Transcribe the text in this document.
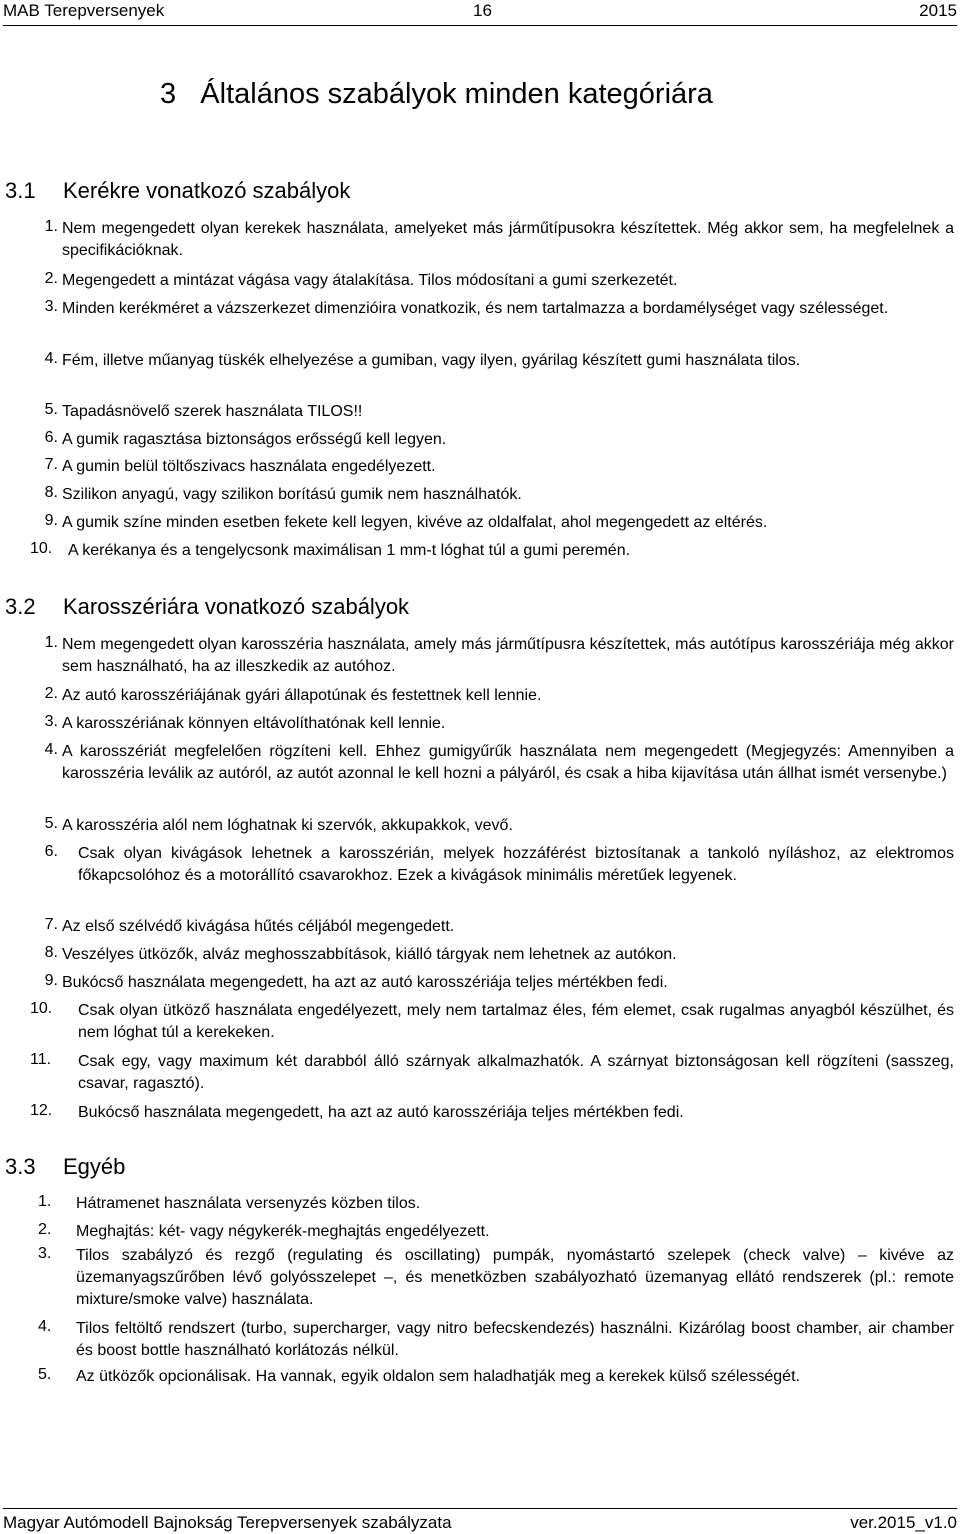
MAB Terepversenyek	16	2015
3   Általános szabályok minden kategóriára
3.1 Kerékre vonatkozó szabályok
1. Nem megengedett olyan kerekek használata, amelyeket más járműtípusokra készítettek. Még akkor sem, ha megfelelnek a specifikációknak.
2. Megengedett a mintázat vágása vagy átalakítása. Tilos módosítani a gumi szerkezetét.
3. Minden kerékméret a vázszerkezet dimenzióira vonatkozik, és nem tartalmazza a bordamélységet vagy szélességet.
4. Fém, illetve műanyag tüskék elhelyezése a gumiban, vagy ilyen, gyárilag készített gumi használata tilos.
5. Tapadásnövelő szerek használata TILOS!!
6. A gumik ragasztása biztonságos erősségű kell legyen.
7. A gumin belül töltőszivacs használata engedélyezett.
8. Szilikon anyagú, vagy szilikon borítású gumik nem használhatók.
9. A gumik színe minden esetben fekete kell legyen, kivéve az oldalfalat, ahol megengedett az eltérés.
10. A kerékanya és a tengelycsonk maximálisan 1 mm-t lóghat túl a gumi peremén.
3.2 Karosszériára vonatkozó szabályok
1. Nem megengedett olyan karosszéria használata, amely más járműtípusra készítettek, más autótípus karosszériája még akkor sem használható, ha az illeszkedik az autóhoz.
2. Az autó karosszériájának gyári állapotúnak és festettnek kell lennie.
3. A karosszériának könnyen eltávolíthatónak kell lennie.
4. A karosszériát megfelelően rögzíteni kell. Ehhez gumigyűrűk használata nem megengedett (Megjegyzés: Amennyiben a karosszéria leválik az autóról, az autót azonnal le kell hozni a pályáról, és csak a hiba kijavítása után állhat ismét versenybe.)
5. A karosszéria alól nem lóghatnak ki szervók, akkupakkok, vevő.
6. Csak olyan kivágások lehetnek a karosszérián, melyek hozzáférést biztosítanak a tankoló nyíláshoz, az elektromos főkapcsolóhoz és a motorállító csavarokhoz. Ezek a kivágások minimális méretűek legyenek.
7. Az első szélvédő kivágása hűtés céljából megengedett.
8. Veszélyes ütközők, alváz meghosszabbítások, kiálló tárgyak nem lehetnek az autókon.
9. Bukócső használata megengedett, ha azt az autó karosszériája teljes mértékben fedi.
10.	Csak olyan ütköző használata engedélyezett, mely nem tartalmaz éles, fém elemet, csak rugalmas anyagból készülhet, és nem lóghat túl a kerekeken.
11.	Csak egy, vagy maximum két darabból álló szárnyak alkalmazhatók. A szárnyat biztonságosan kell rögzíteni (sasszeg, csavar, ragasztó).
12.	Bukócső használata megengedett, ha azt az autó karosszériája teljes mértékben fedi.
3.3 Egyéb
1.	Hátramenet használata versenyzés közben tilos.
2.	Meghajtás: két- vagy négykerék-meghajtás engedélyezett.
3.	Tilos szabályzó és rezgő (regulating és oscillating) pumpák, nyomástartó szelepek (check valve) – kivéve az üzemanyagszűrőben lévő golyósszelepet –, és menetközben szabályozható üzemanyag ellátó rendszerek (pl.: remote mixture/smoke valve) használata.
4.	Tilos feltöltő rendszert (turbo, supercharger, vagy nitro befecskendezés) használni. Kizárólag boost chamber, air chamber és boost bottle használható korlátozás nélkül.
5.	Az ütközők opcionálisak. Ha vannak, egyik oldalon sem haladhatják meg a kerekek külső szélességét.
Magyar Autómodell Bajnokság Terepversenyek szabályzata	ver.2015_v1.0
